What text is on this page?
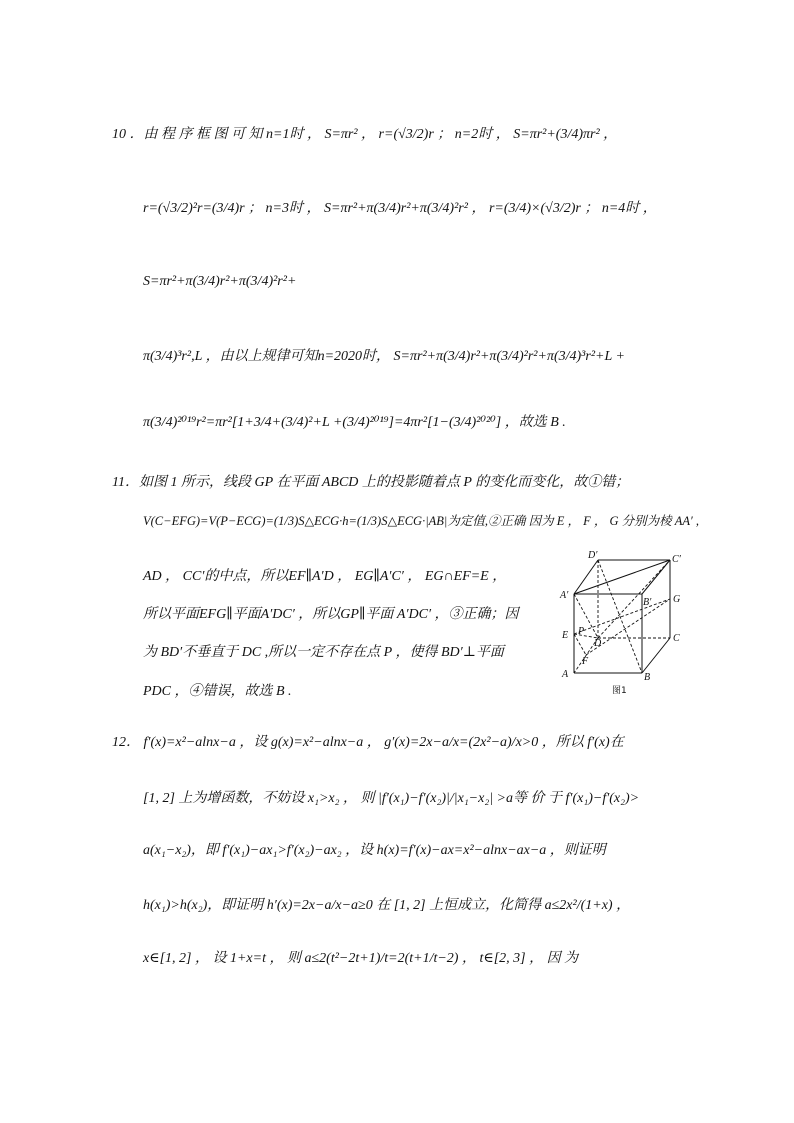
10 ．由 程 序 框 图 可 知 n=1时 ， S=πr² ， r=(√3/2)r ； n=2时 ， S=πr²+(3/4)πr² ，
r=(√3/2)²r=(3/4)r ； n=3时 ， S=πr²+π(3/4)r²+π(3/4)²r² ， r=(3/4)×(√3/2)r ； n=4时 ，
S=πr²+π(3/4)r²+π(3/4)²r²+
π(3/4)³r²,L ，由以上规律可知n=2020时， S=πr²+π(3/4)r²+π(3/4)²r²+π(3/4)³r²+L +
π(3/4)²⁰¹⁹r²=πr²[1+3/4+(3/4)²+L +(3/4)²⁰¹⁹]=4πr²[1−(3/4)²⁰²⁰] ，故选 B .
11．如图 1 所示，线段 GP 在平面 ABCD 上的投影随着点 P 的变化而变化，故①错；
V(C−EFG)=V(P−ECG)=(1/3)S△ECG·h=(1/3)S△ECG·|AB|为定值,②正确 因为 E ， F ， G 分别为棱 AA′ ,
AD ， CC′的中点，所以EF∥A′D ， EG∥A′C′ ， EG∩EF=E ，
所以平面EFG∥平面A′DC′ ，所以GP∥平面 A′DC′ ，③正确；因
为 BD′不垂直于 DC ,所以一定不存在点 P ，使得 BD′⊥平面
PDC ，④错误，故选 B .
12． f′(x)=x²−alnx−a ，设 g(x)=x²−alnx−a ， g′(x)=2x−a/x=(2x²−a)/x>0 ，所以 f′(x)在
[1, 2] 上为增函数，不妨设 x₁>x₂ ， 则 |f′(x₁)−f′(x₂)|/|x₁−x₂| >a等 价 于 f′(x₁)−f′(x₂)>
a(x₁−x₂)，即 f′(x₁)−ax₁>f′(x₂)−ax₂ ，设 h(x)=f′(x)−ax=x²−alnx−ax−a ，则证明
h(x₁)>h(x₂)，即证明 h′(x)=2x−a/x−a≥0 在 [1, 2] 上恒成立，化简得 a≤2x²/(1+x) ，
x∈[1, 2] ， 设 1+x=t ， 则 a≤2(t²−2t+1)/t=2(t+1/t−2) ， t∈[2, 3] ， 因 为
D′	C′
A′
B′ G
E P
D	C
F
A	B
图1
